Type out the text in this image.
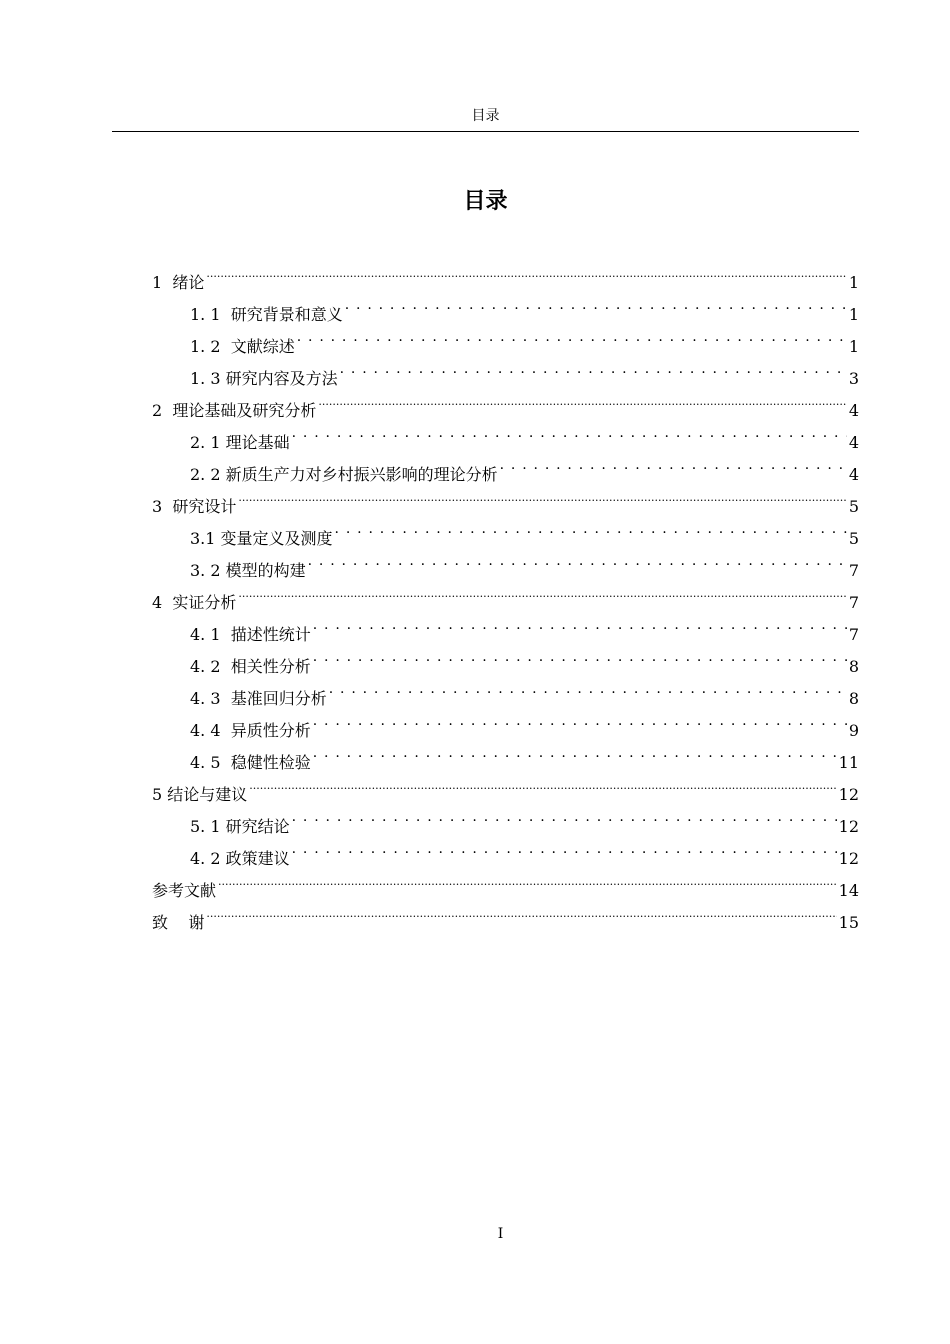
目录
目录
1  绪论 .....	1
1. 1  研究背景和意义 . . .	1
1. 2  文献综述 . . .	1
1. 3 研究内容及方法 . . .	3
2  理论基础及研究分析 .....	4
2. 1 理论基础 . . .	4
2. 2 新质生产力对乡村振兴影响的理论分析 . . .	4
3  研究设计 .....	5
3.1 变量定义及测度 . . .	5
3. 2 模型的构建 . . .	7
4  实证分析 .....	7
4. 1  描述性统计 . . .	7
4. 2  相关性分析 . . .	8
4. 3  基准回归分析 . . .	8
4. 4  异质性分析 . . .	9
4. 5  稳健性检验 . . .	11
5 结论与建议 .....	12
5. 1 研究结论 . . .	12
4. 2 政策建议 . . .	12
参考文献 .....	14
致    谢 .....	15
I
